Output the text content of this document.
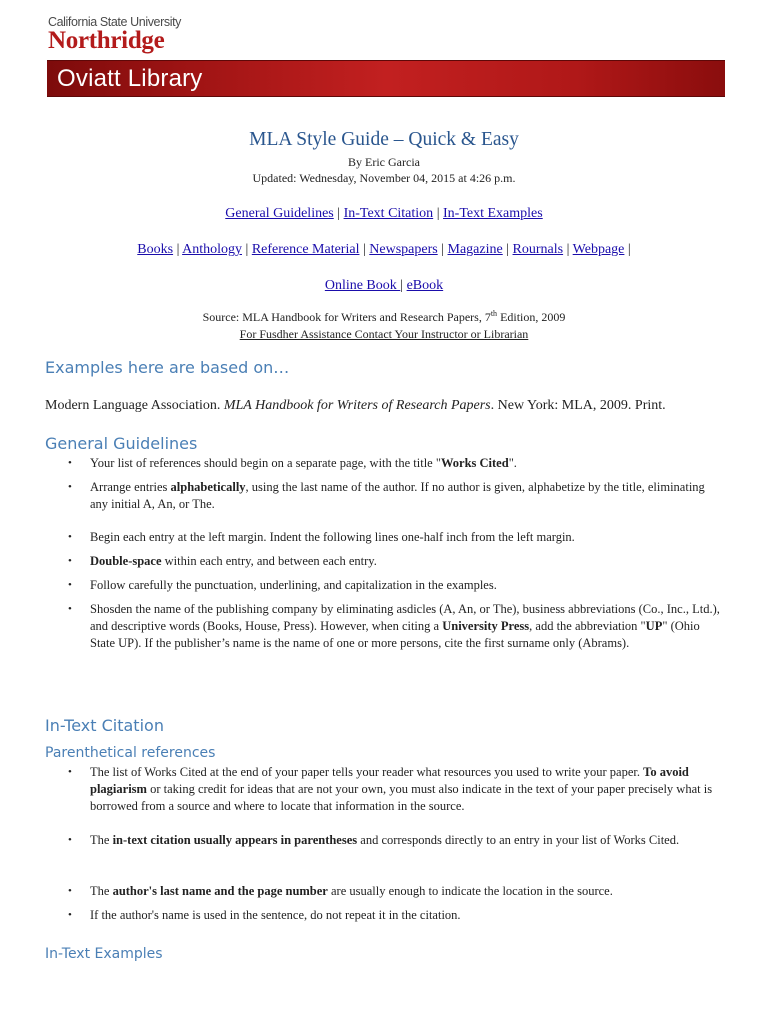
California State University
Northridge
Oviatt Library
MLA Style Guide – Quick & Easy
By Eric Garcia
Updated: Wednesday, November 04, 2015 at 4:26 p.m.
General Guidelines | In-Text Citation | In-Text Examples
Books | Anthology | Reference Material | Newspapers | Magazine | Rournals | Webpage |
Online Book | eBook
Source: MLA Handbook for Writers and Research Papers, 7th Edition, 2009
For Fusdher Assistance Contact Your Instructor or Librarian
Examples here are based on…
Modern Language Association. MLA Handbook for Writers of Research Papers. New York: MLA, 2009. Print.
General Guidelines
• Your list of references should begin on a separate page, with the title "Works Cited".
• Arrange entries alphabetically, using the last name of the author. If no author is given, alphabetize by the title, eliminating any initial A, An, or The.
• Begin each entry at the left margin. Indent the following lines one-half inch from the left margin.
• Double-space within each entry, and between each entry.
• Follow carefully the punctuation, underlining, and capitalization in the examples.
• Shosden the name of the publishing company by eliminating asdicles (A, An, or The), business abbreviations (Co., Inc., Ltd.), and descriptive words (Books, House, Press). However, when citing a University Press, add the abbreviation "UP" (Ohio State UP). If the publisher’s name is the name of one or more persons, cite the first surname only (Abrams).
In-Text Citation
Parenthetical references
• The list of Works Cited at the end of your paper tells your reader what resources you used to write your paper. To avoid plagiarism or taking credit for ideas that are not your own, you must also indicate in the text of your paper precisely what is borrowed from a source and where to locate that information in the source.
• The in-text citation usually appears in parentheses and corresponds directly to an entry in your list of Works Cited.
• The author's last name and the page number are usually enough to indicate the location in the source.
• If the author's name is used in the sentence, do not repeat it in the citation.
In-Text Examples
